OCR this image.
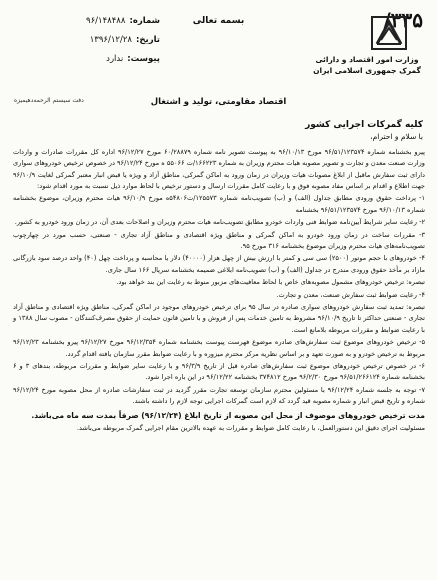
۳۳۵/
بسمه تعالی
شماره:
۹۶/۱۴۸۴۸۸
تاریخ:
۱۳۹۶/۱۲/۲۸
پیوست:
ندارد
دفت سیستم الرحمه‌دهیمیزه
وزارت امور اقتصاد و دارائی
گمرک جمهوری اسلامی ایران
اقتصاد مقاومتی، تولید و اشتغال
کلیه گمرکات اجرایی کشور
با سلام و احترام،

پیرو بخشنامه شماره ۹۶/۵۱/۱۲۳۵۷۴ مورخ ۹۶/۱۰/۱۳ به پیوست تصویر نامه شماره ۶۰/۲۸۸۷۹ مورخ ۹۶/۱۲/۲۷ اداره کل مقررات صادرات و واردات وزارت صنعت معدن و تجارت و تصویر مصوبه هیات محترم وزیران به شماره ۱۶۶۲۲۳/ت ۵۵۰۶۶ ه مورخ ۹۶/۱۲/۲۴ در خصوص ترخیص خودروهای سواری دارای ثبت سفارش ماقبل از ابلاغ مصوبات هیات وزیران در زمان ورود به اماکن گمرکی، مناطق آزاد و ویژه یا قبض انبار معتبر گمرکی لغایت ۹۶/۱۰/۹ جهت اطلاع و اقدام بر اساس مفاد مصوبه فوق و با رعایت کامل مقررات ارسال و دستور ترخیص با لحاظ موارد ذیل نسبت به مورد اقدام شود:

۱- پرداخت حقوق ورودی مطابق جداول (الف) و (ب) تصویب‌نامه شماره ۱۲۵۵۷۳/ت۵۴۸۰۶ه مورخ ۹۶/۱۰/۹ هیات محترم وزیران، موضوع بخشنامه شماره ۹۶/۱۰/۱۳ مورخ ۹۶/۵۱/۱۲۳۵۷۴ بخشنامه

۲- رعایت سایر شرایط آیین‌نامه ضوابط فنی واردات خودرو مطابق تصویب‌نامه هیات محترم وزیران و اصلاحات بعدی آن، در زمان ورود خودرو به کشور.

۳- مقررات ساخت در زمان ورود خودرو به اماکن گمرکی و مناطق ویژه اقتصادی و مناطق آزاد تجاری - صنعتی، حسب مورد در چهارچوب تصویب‌نامه‌های هیات محترم وزیران موضوع بخشنامه ۳۱۶ مورخ ۹۵.

۴- خودروهای با حجم موتور (۲۵۰۰) سی سی و کمتر با ارزش بیش از چهل هزار (۴۰۰۰۰) دلار یا محاسبه و پرداخت چهل (۴۰) واحد درصد سود بازرگانی مازاد بر مأخذ حقوق ورودی مندرج در جداول (الف) و (ب) تصویب‌نامه ابلاغی ضمیمه بخشنامه سریال ۱۶۶ سال جاری.

تبصره: ترخیص خودروهای مشمول مصوبه‌های خاص با لحاظ معافیت‌های مزبور منوط به رعایت این بند خواهد بود.

۴- رعایت ضوابط ثبت سفارش صنعت، معدن و تجارت.

تبصره: تمدید ثبت سفارش خودروهای سواری صادره در سال ۹۵ برای ترخیص خودروهای موجود در اماکن گمرکی، مناطق ویژه اقتصادی و مناطق آزاد تجاری - صنعتی حداکثر تا تاریخ ۹۶/۱۰/۹ مشروط به تامین خدمات پس از فروش و با تامین قانون حمایت از حقوق مصرف‌کنندگان - مصوب سال ۱۳۸۸ و با رعایت ضوابط و مقررات مربوطه بلامانع است.

۵- ترخیص خودروهای موضوع ثبت سفارش‌های صادره موضوع فهرست پیوست بخشنامه شماره ۹۶/۱۲/۳۵۴ مورخ ۹۶/۱۲/۲۷ پیرو بخشنامه ۹۶/۱۲/۲۳ مربوط به ترخیص خودرو و به صورت تعهد و بر اساس نظریه مرکز محترم میزوره و با رعایت ضوابط مقرر سازمان یافته اقدام گردد.

۶- در خصوص ترخیص خودروهای موضوع ثبت سفارش‌های صادره قبل از تاریخ ۹۶/۳/۹ و با رعایت سایر ضوابط و مقررات مربوطه، بندهای ۳ و ۶ بخشنامه شماره ۹۶/۵۱/۲۶۶۱۲۴ مورخ ۹۶/۲/۳۰ مورخ ۳۷۴۸۱۲ بخشنامه ۹۶/۱۲/۲۲ در این باره اجرا شود.

۷- توجه به جلسه شماره ۹۶/۱۲/۲۴ با مسئولین محترم سازمان توسعه تجارت مقرر گردید در ثبت سفارشات صادره از محل مصوبه مورخ ۹۶/۱۲/۲۴ شماره و تاریخ قبض انبار و شماره مصوبه قید گردد که لازم است گمرکات اجرایی توجه لازم را داشته باشند.

مدت ترخیص خودروهای موصوف از محل این مصوبه از تاریخ ابلاغ (۹۶/۱۲/۲۴) صرفاً بمدت سه ماه می‌باشد.

مسئولیت اجرای دقیق این دستورالعمل، با رعایت کامل ضوابط و مقررات به عهده بالاترین مقام اجرایی گمرک مربوطه می‌باشد.
